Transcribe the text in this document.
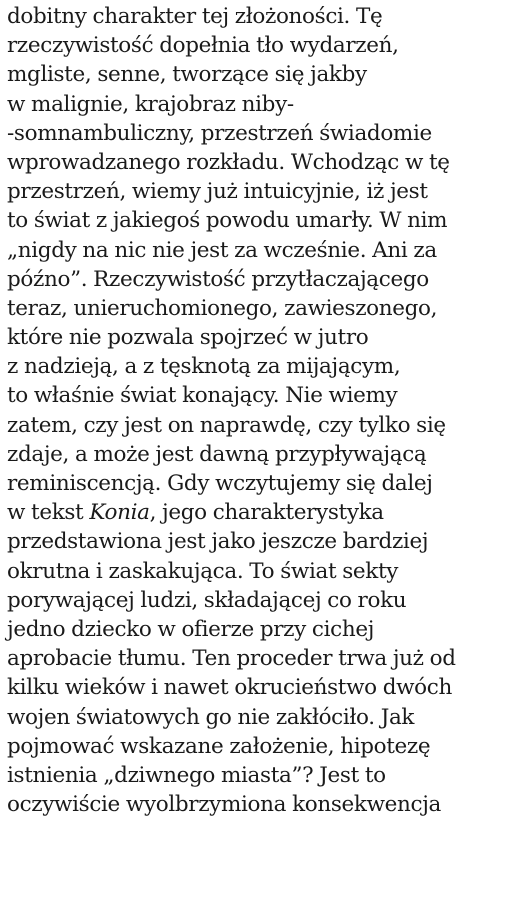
dobitny charakter tej złożoności. Tę
rzeczywistość dopełnia tło wydarzeń,
mgliste, senne, tworzące się jakby
w malignie, krajobraz niby-
-somnambuliczny, przestrzeń świadomie
wprowadzanego rozkładu. Wchodząc w tę
przestrzeń, wiemy już intuicyjnie, iż jest
to świat z jakiegoś powodu umarły. W nim
„nigdy na nic nie jest za wcześnie. Ani za
późno”. Rzeczywistość przytłaczającego
teraz, unieruchomionego, zawieszonego,
które nie pozwala spojrzeć w jutro
z nadzieją, a z tęsknotą za mijającym,
to właśnie świat konający. Nie wiemy
zatem, czy jest on naprawdę, czy tylko się
zdaje, a może jest dawną przypływającą
reminiscencją. Gdy wczytujemy się dalej
w tekst Konia, jego charakterystyka
przedstawiona jest jako jeszcze bardziej
okrutna i zaskakująca. To świat sekty
porywającej ludzi, składającej co roku
jedno dziecko w ofierze przy cichej
aprobacie tłumu. Ten proceder trwa już od
kilku wieków i nawet okrucieństwo dwóch
wojen światowych go nie zakłóciło. Jak
pojmować wskazane założenie, hipotezę
istnienia „dziwnego miasta”? Jest to
oczywiście wyolbrzymiona konsekwencja
